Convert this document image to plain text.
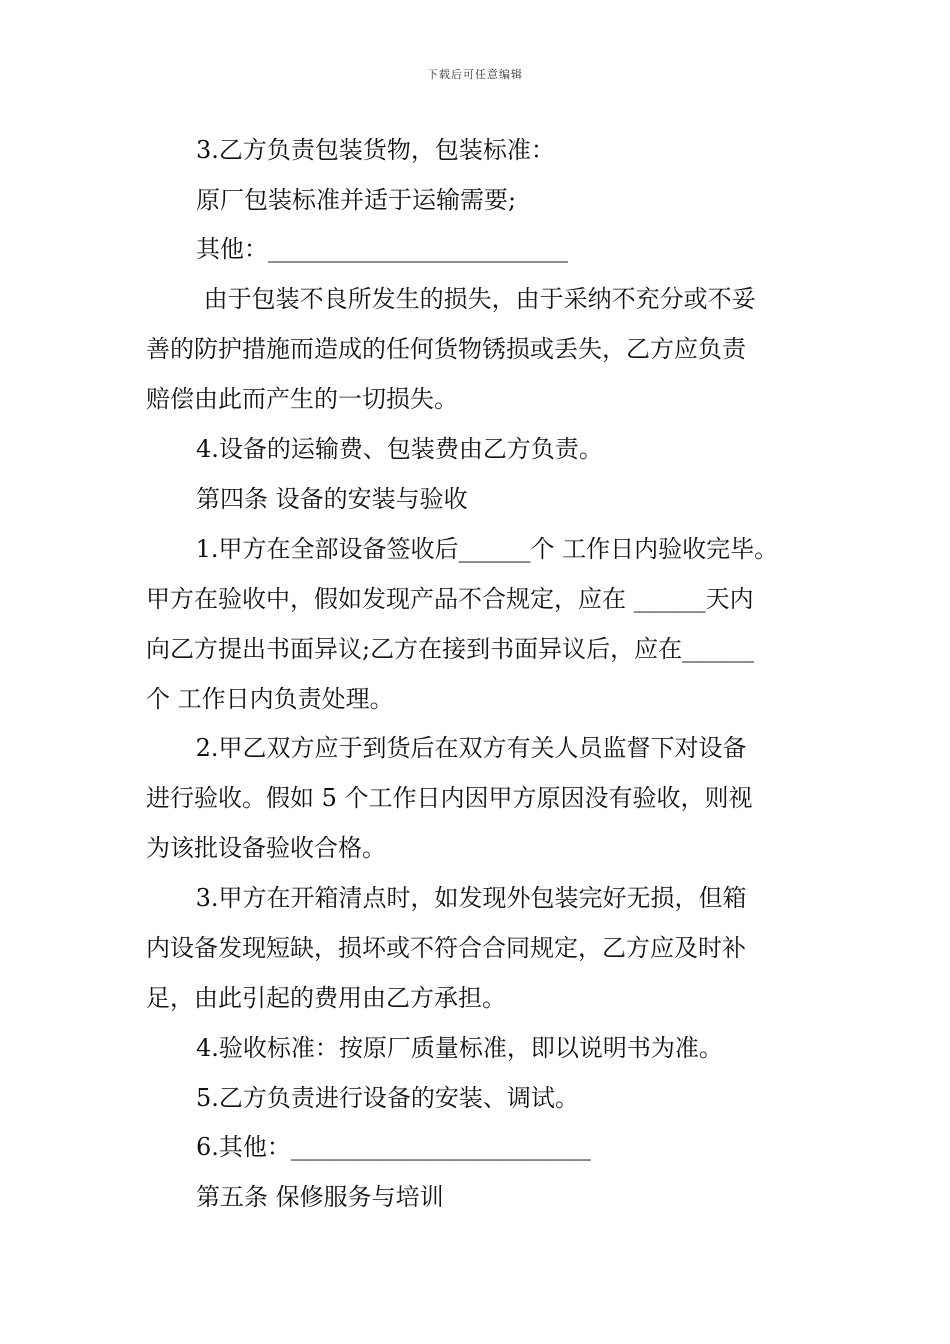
下载后可任意编辑
3.乙方负责包装货物，包装标准：
原厂包装标准并适于运输需要;
其他：_________________________
由于包装不良所发生的损失，由于采纳不充分或不妥
善的防护措施而造成的任何货物锈损或丢失，乙方应负责
赔偿由此而产生的一切损失。
4.设备的运输费、包装费由乙方负责。
第四条 设备的安装与验收
1.甲方在全部设备签收后______个 工作日内验收完毕。
甲方在验收中，假如发现产品不合规定，应在 ______天内
向乙方提出书面异议;乙方在接到书面异议后，应在______
个 工作日内负责处理。
2.甲乙双方应于到货后在双方有关人员监督下对设备
进行验收。假如 5 个工作日内因甲方原因没有验收，则视
为该批设备验收合格。
3.甲方在开箱清点时，如发现外包装完好无损，但箱
内设备发现短缺，损坏或不符合合同规定，乙方应及时补
足，由此引起的费用由乙方承担。
4.验收标准：按原厂质量标准，即以说明书为准。
5.乙方负责进行设备的安装、调试。
6.其他：_________________________
第五条 保修服务与培训
